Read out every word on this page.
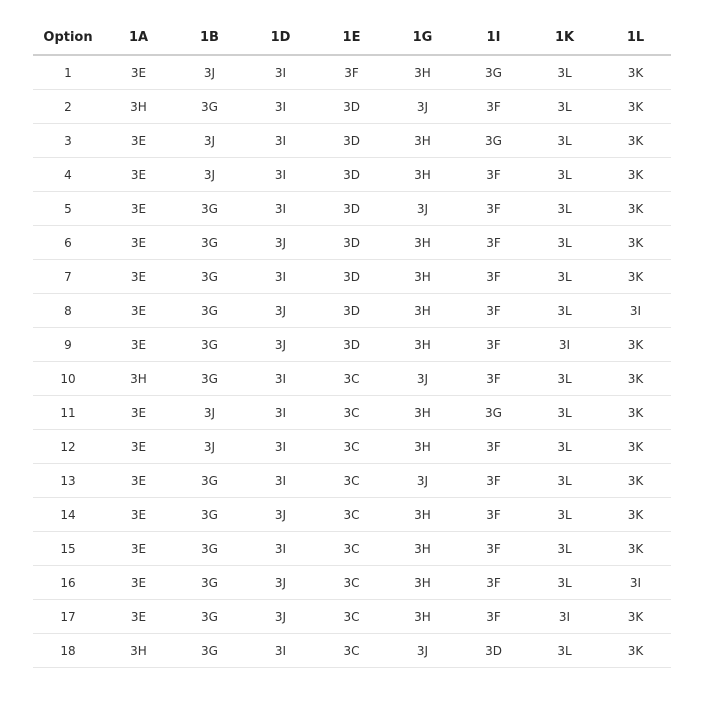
Option	1A	1B	1D	1E	1G	1I	1K	1L
1	3E	3J	3I	3F	3H	3G	3L	3K
2	3H	3G	3I	3D	3J	3F	3L	3K
3	3E	3J	3I	3D	3H	3G	3L	3K
4	3E	3J	3I	3D	3H	3F	3L	3K
5	3E	3G	3I	3D	3J	3F	3L	3K
6	3E	3G	3J	3D	3H	3F	3L	3K
7	3E	3G	3I	3D	3H	3F	3L	3K
8	3E	3G	3J	3D	3H	3F	3L	3I
9	3E	3G	3J	3D	3H	3F	3I	3K
10	3H	3G	3I	3C	3J	3F	3L	3K
11	3E	3J	3I	3C	3H	3G	3L	3K
12	3E	3J	3I	3C	3H	3F	3L	3K
13	3E	3G	3I	3C	3J	3F	3L	3K
14	3E	3G	3J	3C	3H	3F	3L	3K
15	3E	3G	3I	3C	3H	3F	3L	3K
16	3E	3G	3J	3C	3H	3F	3L	3I
17	3E	3G	3J	3C	3H	3F	3I	3K
18	3H	3G	3I	3C	3J	3D	3L	3K
